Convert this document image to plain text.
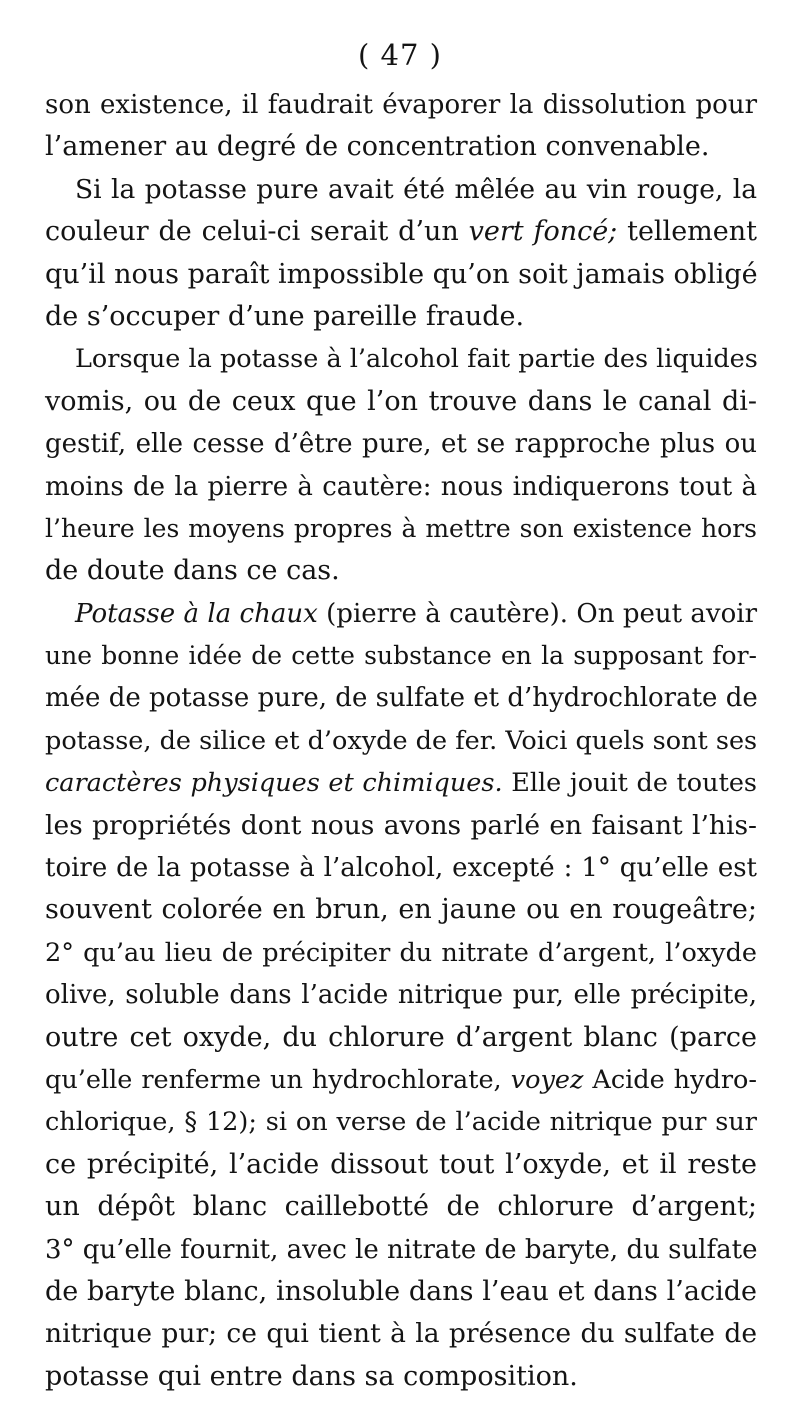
( 47 )
son existence, il faudrait évaporer la dissolution pour
l’amener au degré de concentration convenable.
Si la potasse pure avait été mêlée au vin rouge, la
couleur de celui-ci serait d’un vert foncé; tellement
qu’il nous paraît impossible qu’on soit jamais obligé
de s’occuper d’une pareille fraude.
Lorsque la potasse à l’alcohol fait partie des liquides
vomis, ou de ceux que l’on trouve dans le canal di-
gestif, elle cesse d’être pure, et se rapproche plus ou
moins de la pierre à cautère: nous indiquerons tout à
l’heure les moyens propres à mettre son existence hors
de doute dans ce cas.
Potasse à la chaux (pierre à cautère). On peut avoir
une bonne idée de cette substance en la supposant for-
mée de potasse pure, de sulfate et d’hydrochlorate de
potasse, de silice et d’oxyde de fer. Voici quels sont ses
caractères physiques et chimiques. Elle jouit de toutes
les propriétés dont nous avons parlé en faisant l’his-
toire de la potasse à l’alcohol, excepté : 1° qu’elle est
souvent colorée en brun, en jaune ou en rougeâtre;
2° qu’au lieu de précipiter du nitrate d’argent, l’oxyde
olive, soluble dans l’acide nitrique pur, elle précipite,
outre cet oxyde, du chlorure d’argent blanc (parce
qu’elle renferme un hydrochlorate, voyez Acide hydro-
chlorique, § 12); si on verse de l’acide nitrique pur sur
ce précipité, l’acide dissout tout l’oxyde, et il reste
un dépôt blanc caillebotté de chlorure d’argent;
3° qu’elle fournit, avec le nitrate de baryte, du sulfate
de baryte blanc, insoluble dans l’eau et dans l’acide
nitrique pur; ce qui tient à la présence du sulfate de
potasse qui entre dans sa composition.
